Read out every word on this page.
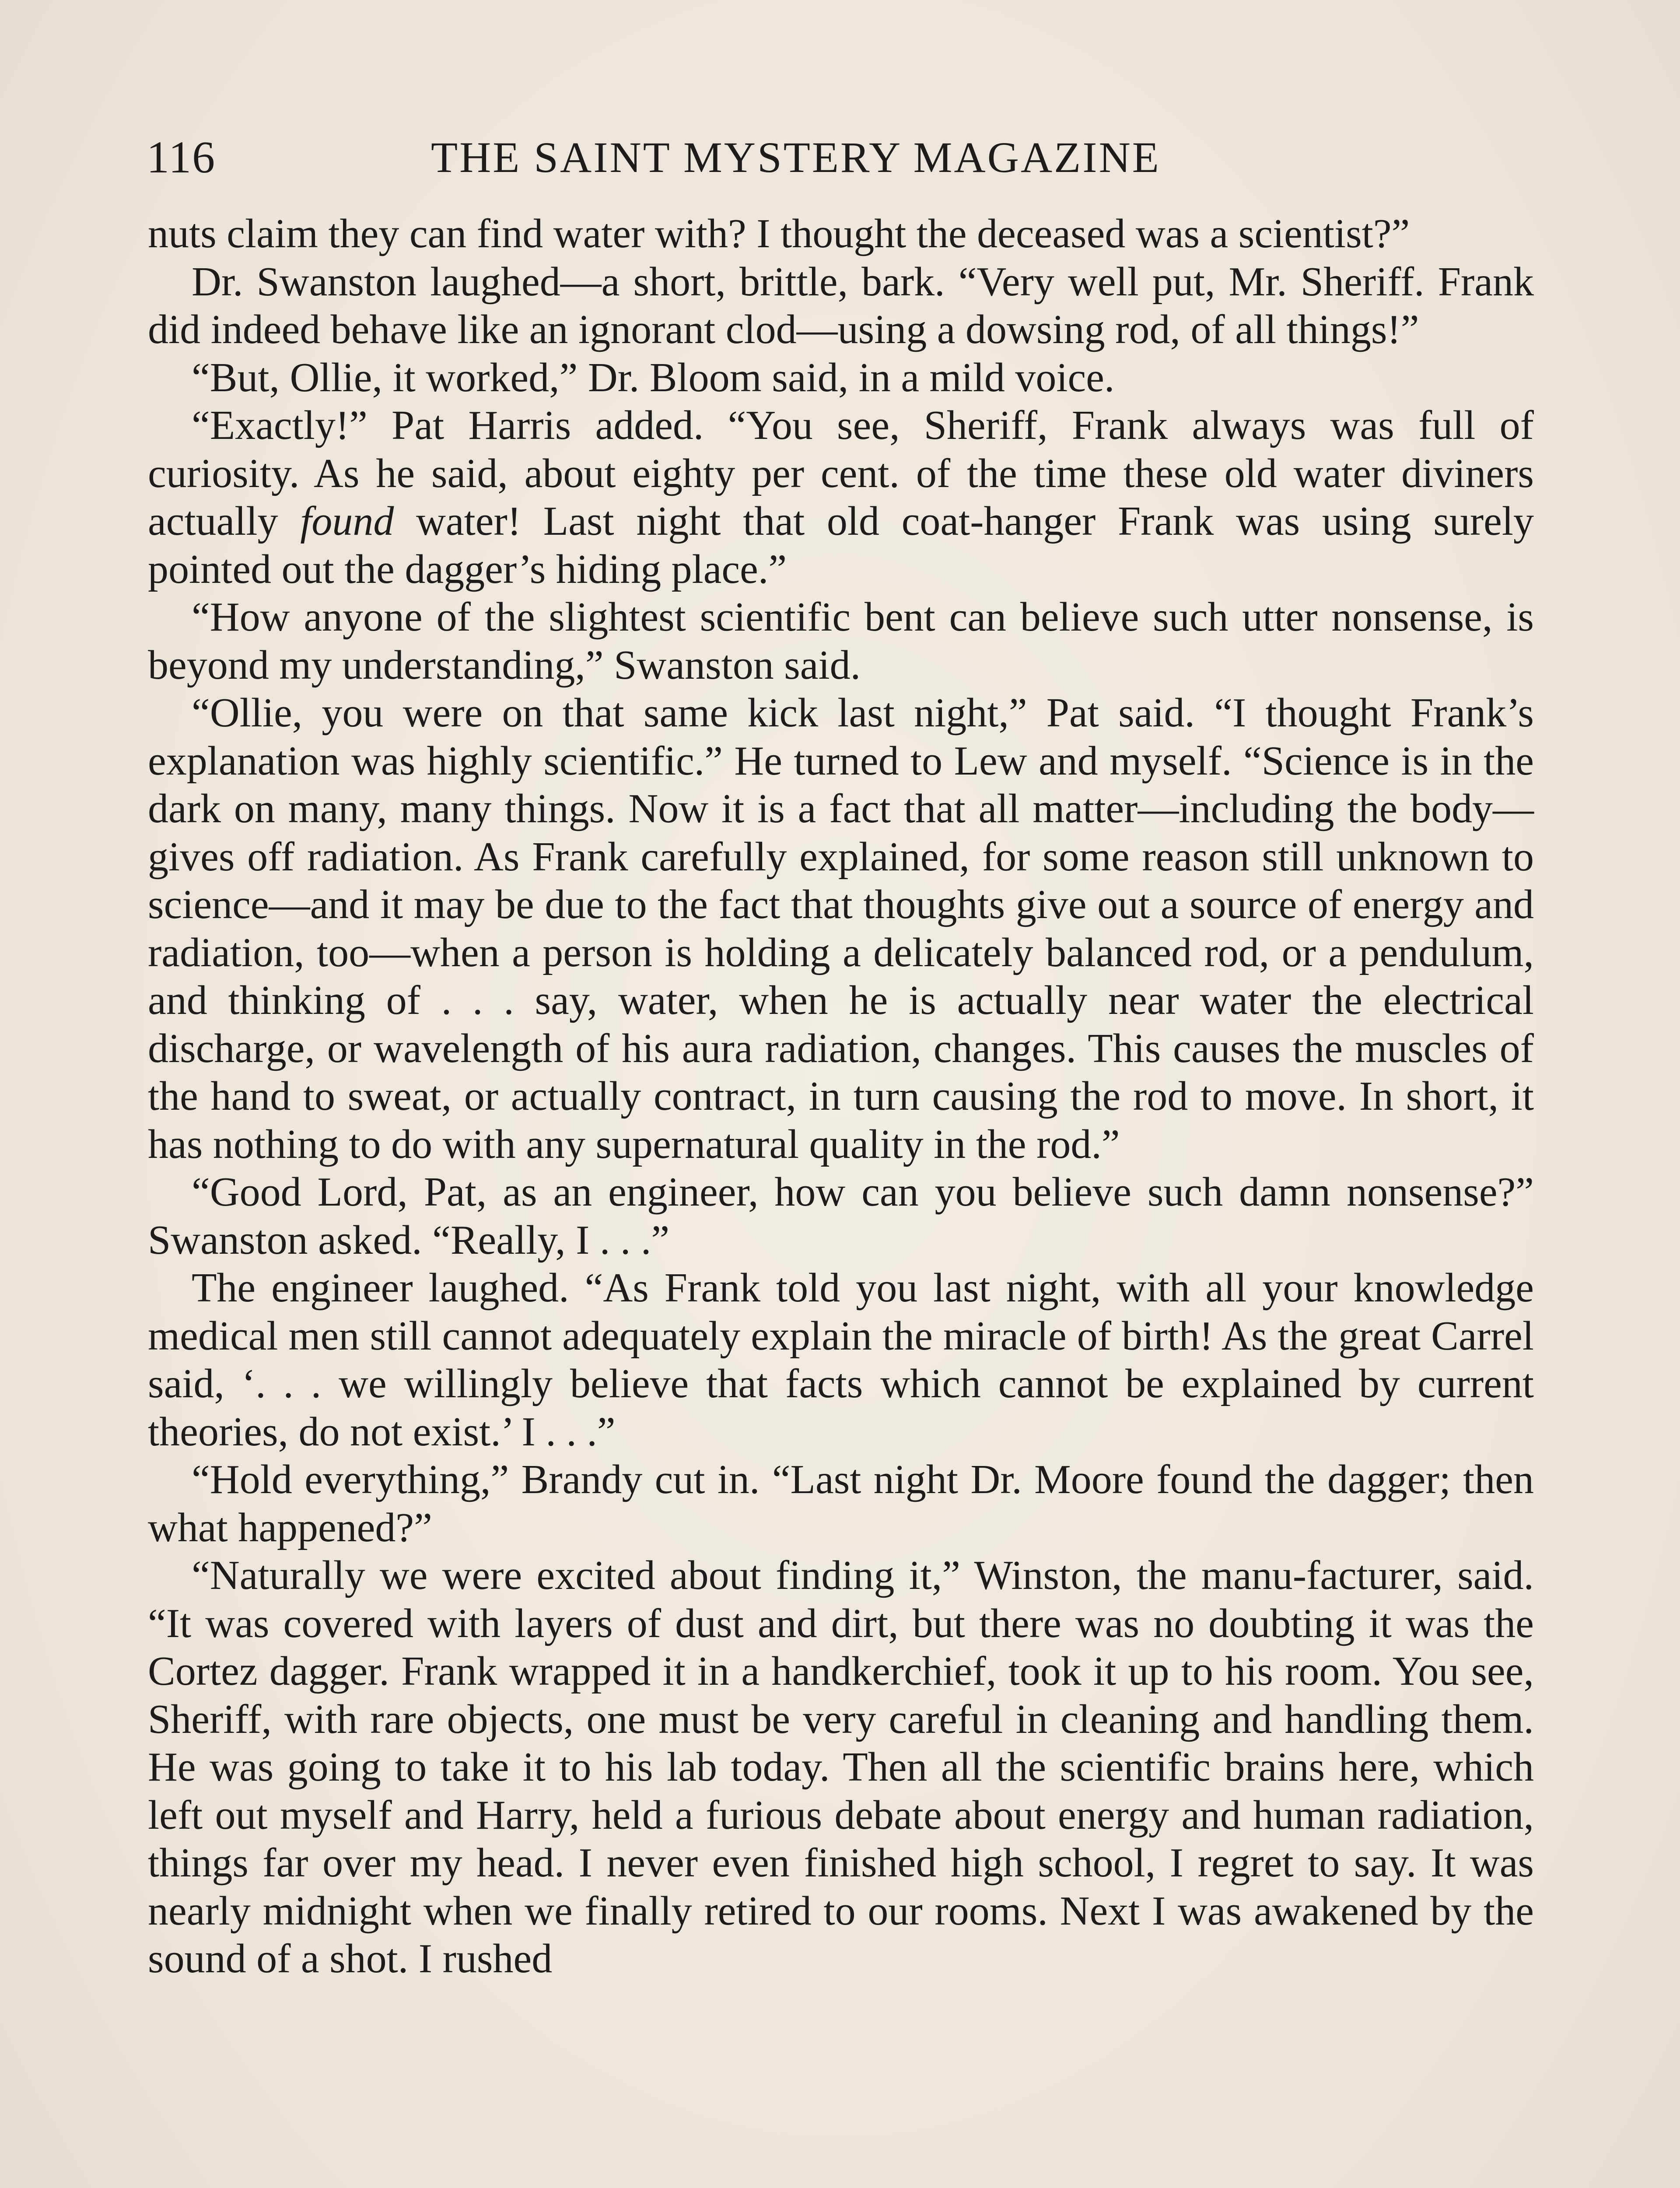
116	THE SAINT MYSTERY MAGAZINE

nuts claim they can find water with? I thought the deceased was a scientist?”

Dr. Swanston laughed—a short, brittle, bark. “Very well put, Mr. Sheriff. Frank did indeed behave like an ignorant clod—using a dowsing rod, of all things!”

“But, Ollie, it worked,” Dr. Bloom said, in a mild voice.

“Exactly!” Pat Harris added. “You see, Sheriff, Frank always was full of curiosity. As he said, about eighty per cent. of the time these old water diviners actually found water! Last night that old coat-hanger Frank was using surely pointed out the dagger’s hiding place.”

“How anyone of the slightest scientific bent can believe such utter nonsense, is beyond my understanding,” Swanston said.

“Ollie, you were on that same kick last night,” Pat said. “I thought Frank’s explanation was highly scientific.” He turned to Lew and myself. “Science is in the dark on many, many things. Now it is a fact that all matter—including the body—gives off radiation. As Frank carefully explained, for some reason still unknown to science—and it may be due to the fact that thoughts give out a source of energy and radiation, too—when a person is holding a delicately balanced rod, or a pendulum, and thinking of . . . say, water, when he is actually near water the electrical discharge, or wavelength of his aura radiation, changes. This causes the muscles of the hand to sweat, or actually contract, in turn causing the rod to move. In short, it has nothing to do with any supernatural quality in the rod.”

“Good Lord, Pat, as an engineer, how can you believe such damn nonsense?” Swanston asked. “Really, I . . .”

The engineer laughed. “As Frank told you last night, with all your knowledge medical men still cannot adequately explain the miracle of birth! As the great Carrel said, ‘. . . we willingly believe that facts which cannot be explained by current theories, do not exist.’ I . . .”

“Hold everything,” Brandy cut in. “Last night Dr. Moore found the dagger; then what happened?”

“Naturally we were excited about finding it,” Winston, the manu-facturer, said. “It was covered with layers of dust and dirt, but there was no doubting it was the Cortez dagger. Frank wrapped it in a handkerchief, took it up to his room. You see, Sheriff, with rare objects, one must be very careful in cleaning and handling them. He was going to take it to his lab today. Then all the scientific brains here, which left out myself and Harry, held a furious debate about energy and human radiation, things far over my head. I never even finished high school, I regret to say. It was nearly midnight when we finally retired to our rooms. Next I was awakened by the sound of a shot. I rushed
